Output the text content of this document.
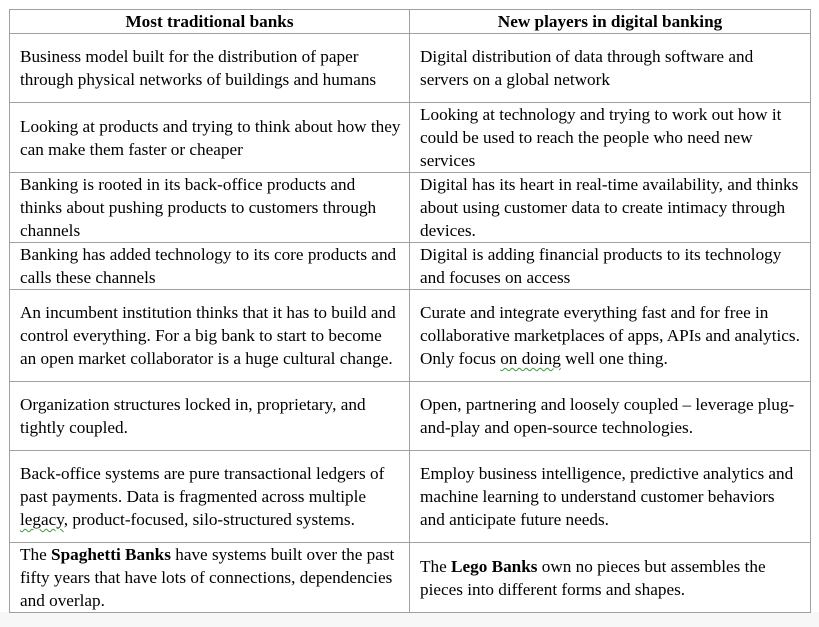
Most traditional banks	New players in digital banking
Business model built for the distribution of paper through physical networks of buildings and humans	Digital distribution of data through software and servers on a global network
Looking at products and trying to think about how they can make them faster or cheaper	Looking at technology and trying to work out how it could be used to reach the people who need new services
Banking is rooted in its back-office products and thinks about pushing products to customers through channels	Digital has its heart in real-time availability, and thinks about using customer data to create intimacy through devices.
Banking has added technology to its core products and calls these channels	Digital is adding financial products to its technology and focuses on access
An incumbent institution thinks that it has to build and control everything. For a big bank to start to become an open market collaborator is a huge cultural change.	Curate and integrate everything fast and for free in collaborative marketplaces of apps, APIs and analytics. Only focus on doing well one thing.
Organization structures locked in, proprietary, and tightly coupled.	Open, partnering and loosely coupled – leverage plug-and-play and open-source technologies.
Back-office systems are pure transactional ledgers of past payments. Data is fragmented across multiple legacy, product-focused, silo-structured systems.	Employ business intelligence, predictive analytics and machine learning to understand customer behaviors and anticipate future needs.
The Spaghetti Banks have systems built over the past fifty years that have lots of connections, dependencies and overlap.	The Lego Banks own no pieces but assembles the pieces into different forms and shapes.
